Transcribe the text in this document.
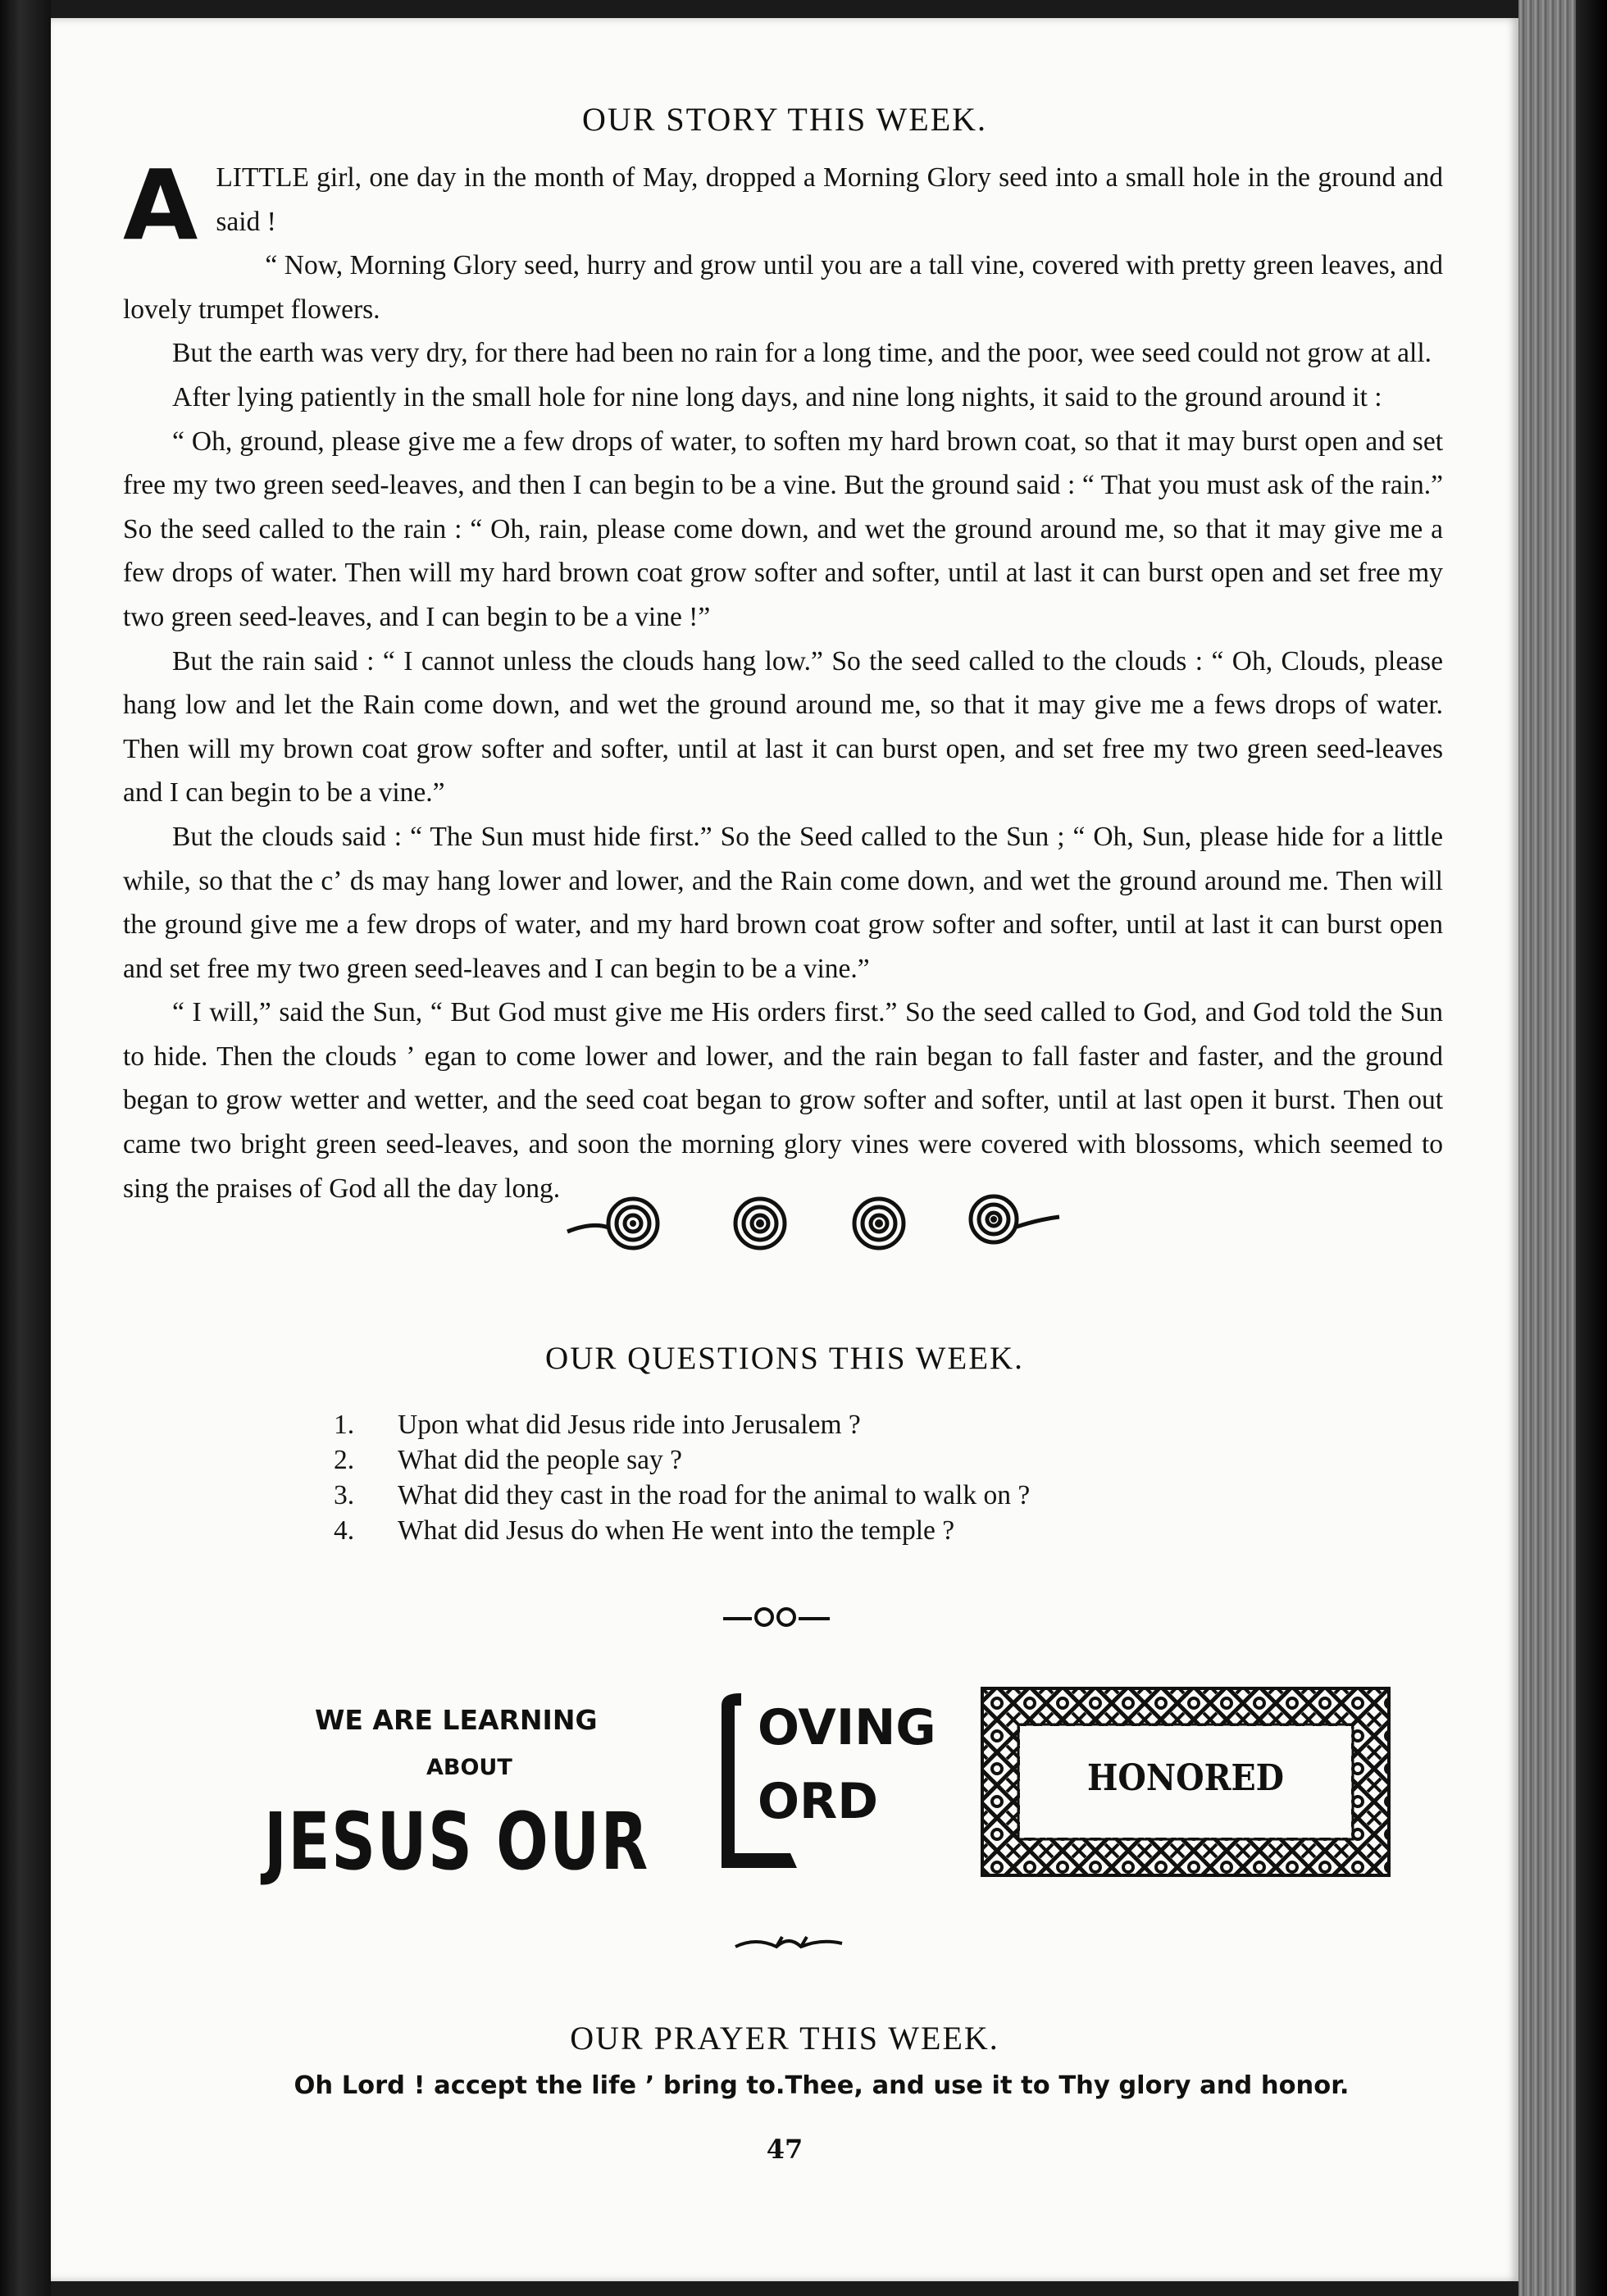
OUR STORY THIS WEEK.

ALITTLE girl, one day in the month of May, dropped a Morning Glory seed into a small hole in the ground and said !

“ Now, Morning Glory seed, hurry and grow until you are a tall vine, covered with pretty green leaves, and lovely trumpet flowers.

But the earth was very dry, for there had been no rain for a long time, and the poor, wee seed could not grow at all.

After lying patiently in the small hole for nine long days, and nine long nights, it said to the ground around it :

“ Oh, ground, please give me a few drops of water, to soften my hard brown coat, so that it may burst open and set free my two green seed-leaves, and then I can begin to be a vine. But the ground said : “ That you must ask of the rain.” So the seed called to the rain : “ Oh, rain, please come down, and wet the ground around me, so that it may give me a few drops of water. Then will my hard brown coat grow softer and softer, until at last it can burst open and set free my two green seed-leaves, and I can begin to be a vine !”

But the rain said : “ I cannot unless the clouds hang low.” So the seed called to the clouds : “ Oh, Clouds, please hang low and let the Rain come down, and wet the ground around me, so that it may give me a fews drops of water. Then will my brown coat grow softer and softer, until at last it can burst open, and set free my two green seed-leaves and I can begin to be a vine.”

But the clouds said : “ The Sun must hide first.” So the Seed called to the Sun ; “ Oh, Sun, please hide for a little while, so that the cʼ ds may hang lower and lower, and the Rain come down, and wet the ground around me. Then will the ground give me a few drops of water, and my hard brown coat grow softer and softer, until at last it can burst open and set free my two green seed-leaves and I can begin to be a vine.”

“ I will,” said the Sun, “ But God must give me His orders first.” So the seed called to God, and God told the Sun to hide. Then the clouds ʼ egan to come lower and lower, and the rain began to fall faster and faster, and the ground began to grow wetter and wetter, and the seed coat began to grow softer and softer, until at last open it burst. Then out came two bright green seed-leaves, and soon the morning glory vines were covered with blossoms, which seemed to sing the praises of God all the day long.

OUR QUESTIONS THIS WEEK.
1.	Upon what did Jesus ride into Jerusalem ?
2.	What did the people say ?
3.	What did they cast in the road for the animal to walk on ?
4.	What did Jesus do when He went into the temple ?
WE ARE LEARNING
ABOUT
JESUS OUR
OVING
ORD	HONORED
OUR PRAYER THIS WEEK.
Oh Lord ! accept the life ʼ bring to.Thee, and use it to Thy glory and honor.
47
